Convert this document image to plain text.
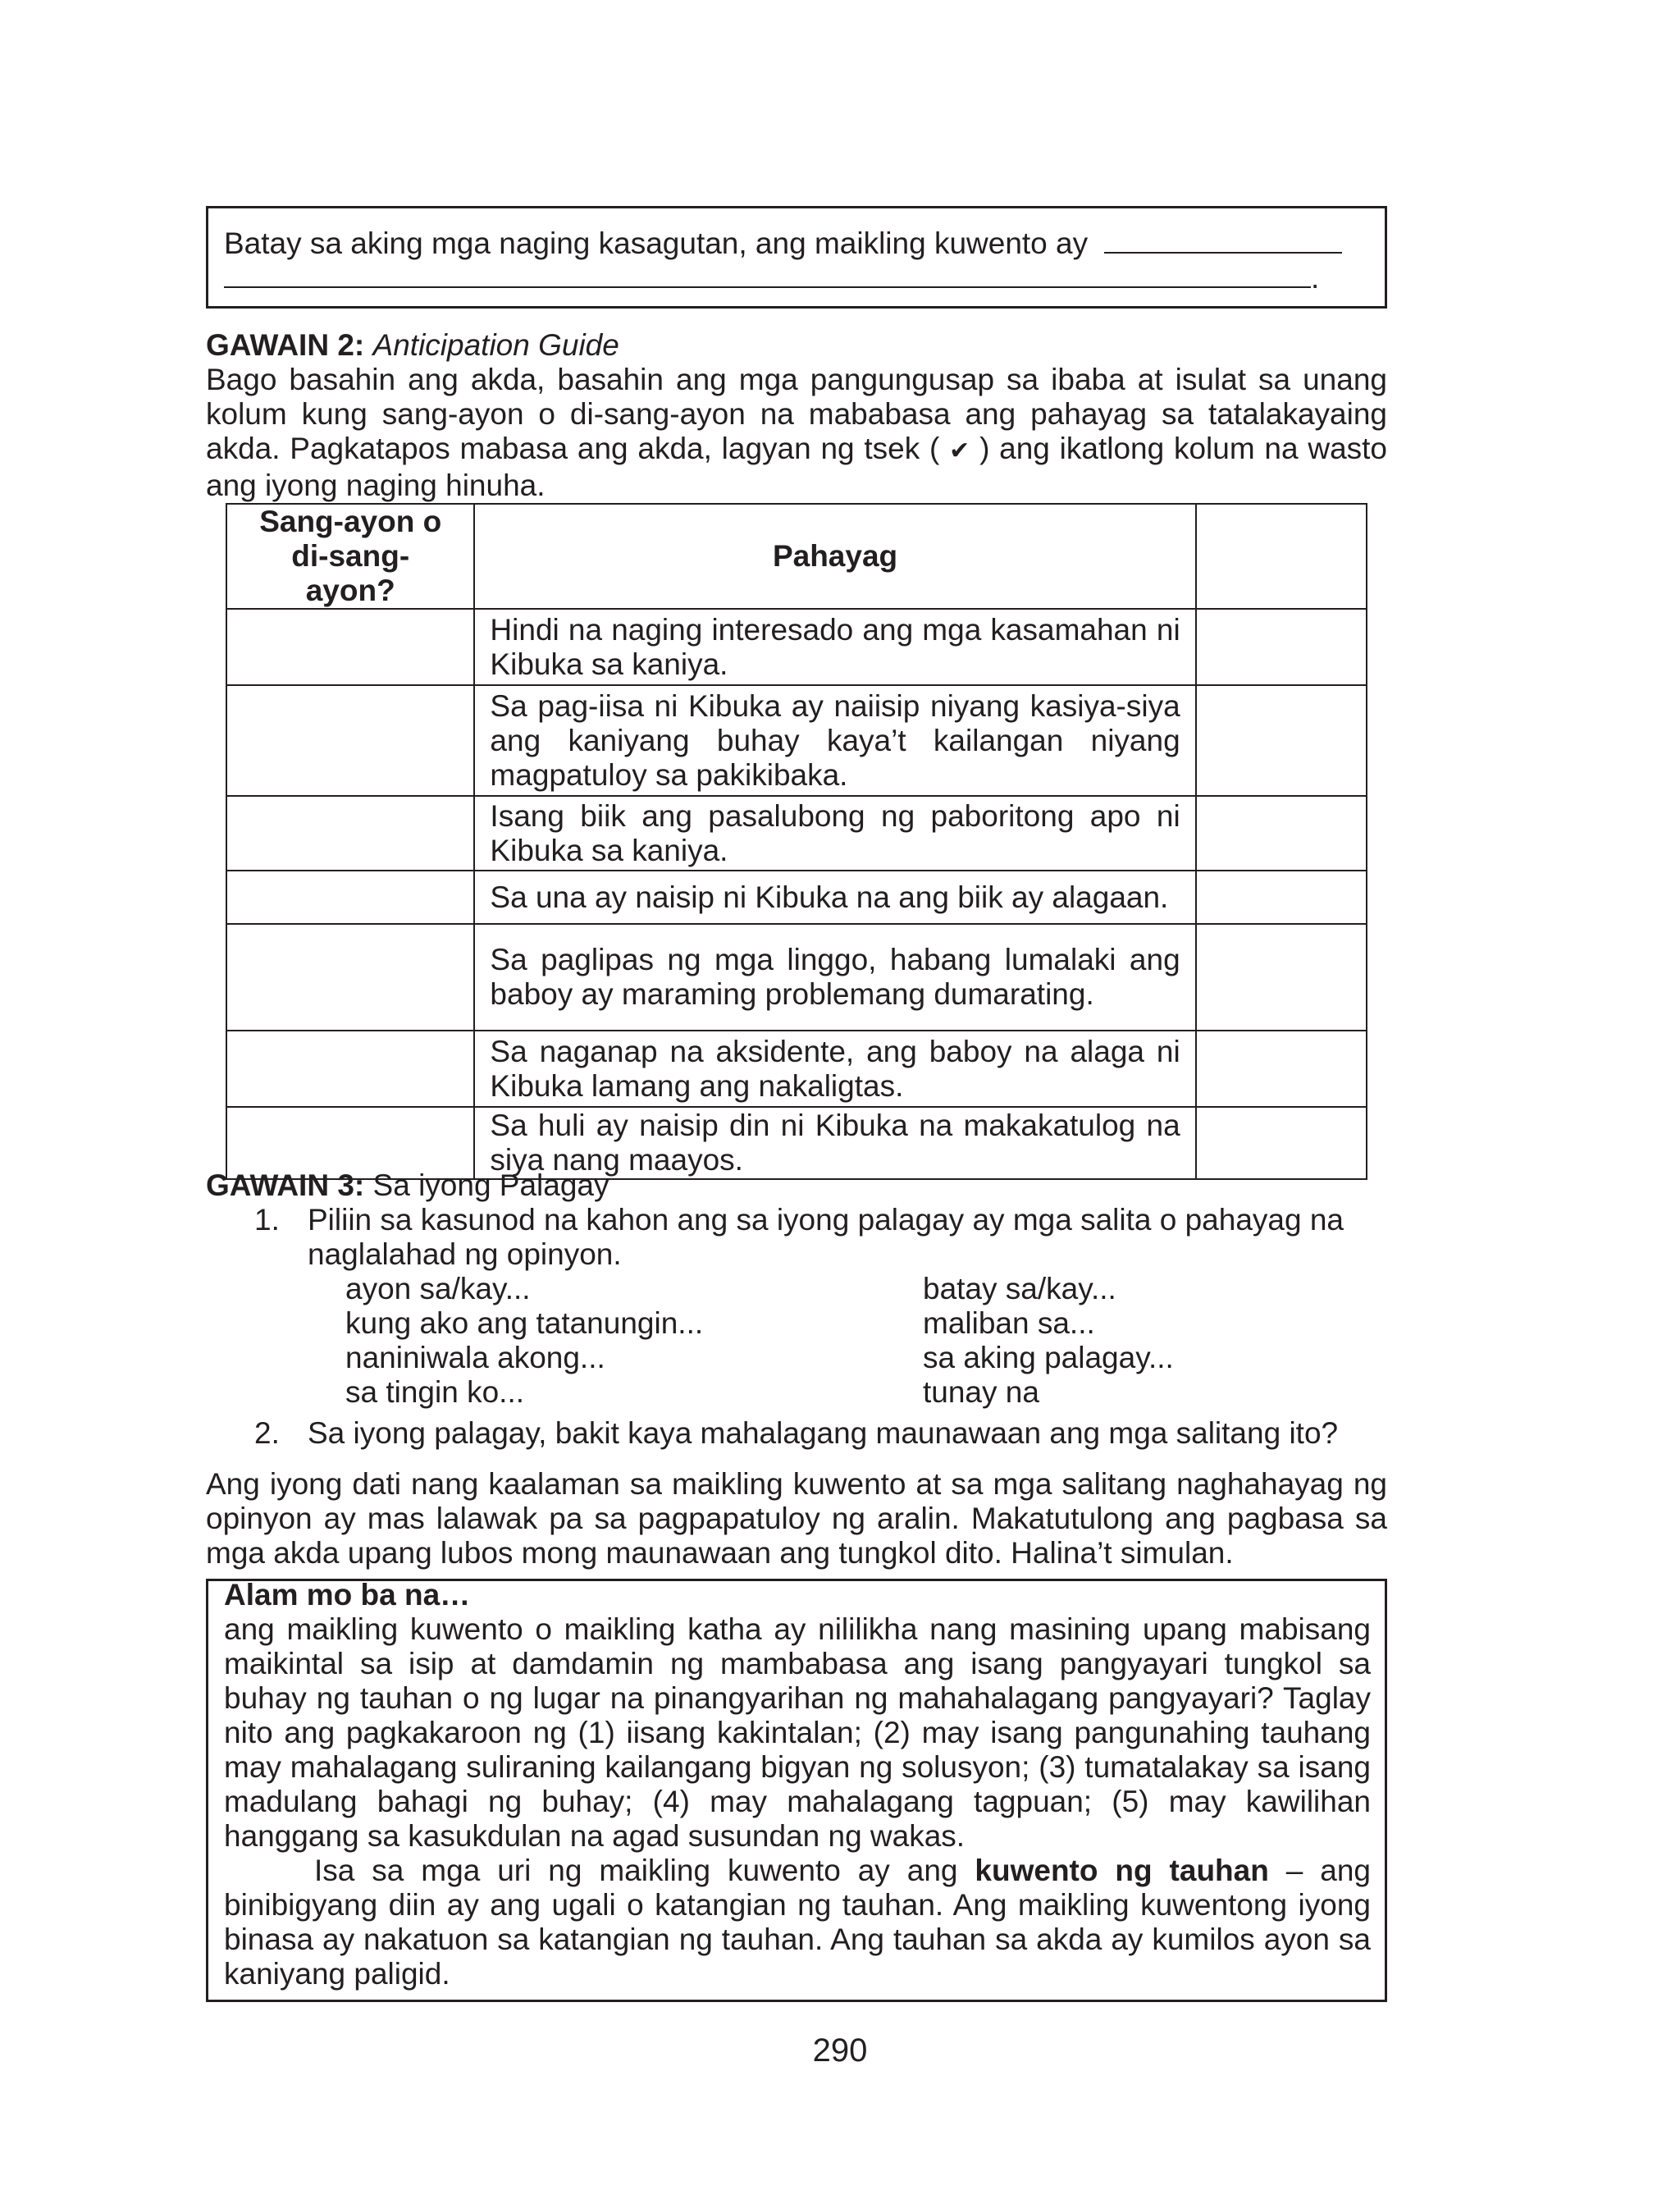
Batay sa aking mga naging kasagutan, ang maikling kuwento ay
.
GAWAIN 2: Anticipation Guide
Bago basahin ang akda, basahin ang mga pangungusap sa ibaba at isulat sa unang kolum kung sang-ayon o di-sang-ayon na mababasa ang pahayag sa tatalakayaing akda. Pagkatapos mabasa ang akda, lagyan ng tsek ( ✔ ) ang ikatlong kolum na wasto ang iyong naging hinuha.
Sang-ayon o di-sang-ayon?	Pahayag	
	Hindi na naging interesado ang mga kasamahan ni Kibuka sa kaniya.	
	Sa pag-iisa ni Kibuka ay naiisip niyang kasiya-siya ang kaniyang buhay kaya’t kailangan niyang magpatuloy sa pakikibaka.	
	Isang biik ang pasalubong ng paboritong apo ni Kibuka sa kaniya.	
	Sa una ay naisip ni Kibuka na ang biik ay alagaan.	
	Sa paglipas ng mga linggo, habang lumalaki ang baboy ay maraming problemang dumarating.	
	Sa naganap na aksidente, ang baboy na alaga ni Kibuka lamang ang nakaligtas.	
	Sa huli ay naisip din ni Kibuka na makakatulog na siya nang maayos.	
GAWAIN 3: Sa iyong Palagay
1. Piliin sa kasunod na kahon ang sa iyong palagay ay mga salita o pahayag na naglalahad ng opinyon.
ayon sa/kay...	batay sa/kay...
kung ako ang tatanungin...	maliban sa...
naniniwala akong...	sa aking palagay...
sa tingin ko...	tunay na
2. Sa iyong palagay, bakit kaya mahalagang maunawaan ang mga salitang ito?
Ang iyong dati nang kaalaman sa maikling kuwento at sa mga salitang naghahayag ng opinyon ay mas lalawak pa sa pagpapatuloy ng aralin. Makatutulong ang pagbasa sa mga akda upang lubos mong maunawaan ang tungkol dito. Halina’t simulan.
Alam mo ba na…
ang maikling kuwento o maikling katha ay nililikha nang masining upang mabisang maikintal sa isip at damdamin ng mambabasa ang isang pangyayari tungkol sa buhay ng tauhan o ng lugar na pinangyarihan ng mahahalagang pangyayari? Taglay nito ang pagkakaroon ng (1) iisang kakintalan; (2) may isang pangunahing tauhang may mahalagang suliraning kailangang bigyan ng solusyon; (3) tumatalakay sa isang madulang bahagi ng buhay; (4) may mahalagang tagpuan; (5) may kawilihan hanggang sa kasukdulan na agad susundan ng wakas.
Isa sa mga uri ng maikling kuwento ay ang kuwento ng tauhan – ang binibigyang diin ay ang ugali o katangian ng tauhan. Ang maikling kuwentong iyong binasa ay nakatuon sa katangian ng tauhan. Ang tauhan sa akda ay kumilos ayon sa kaniyang paligid.
290
